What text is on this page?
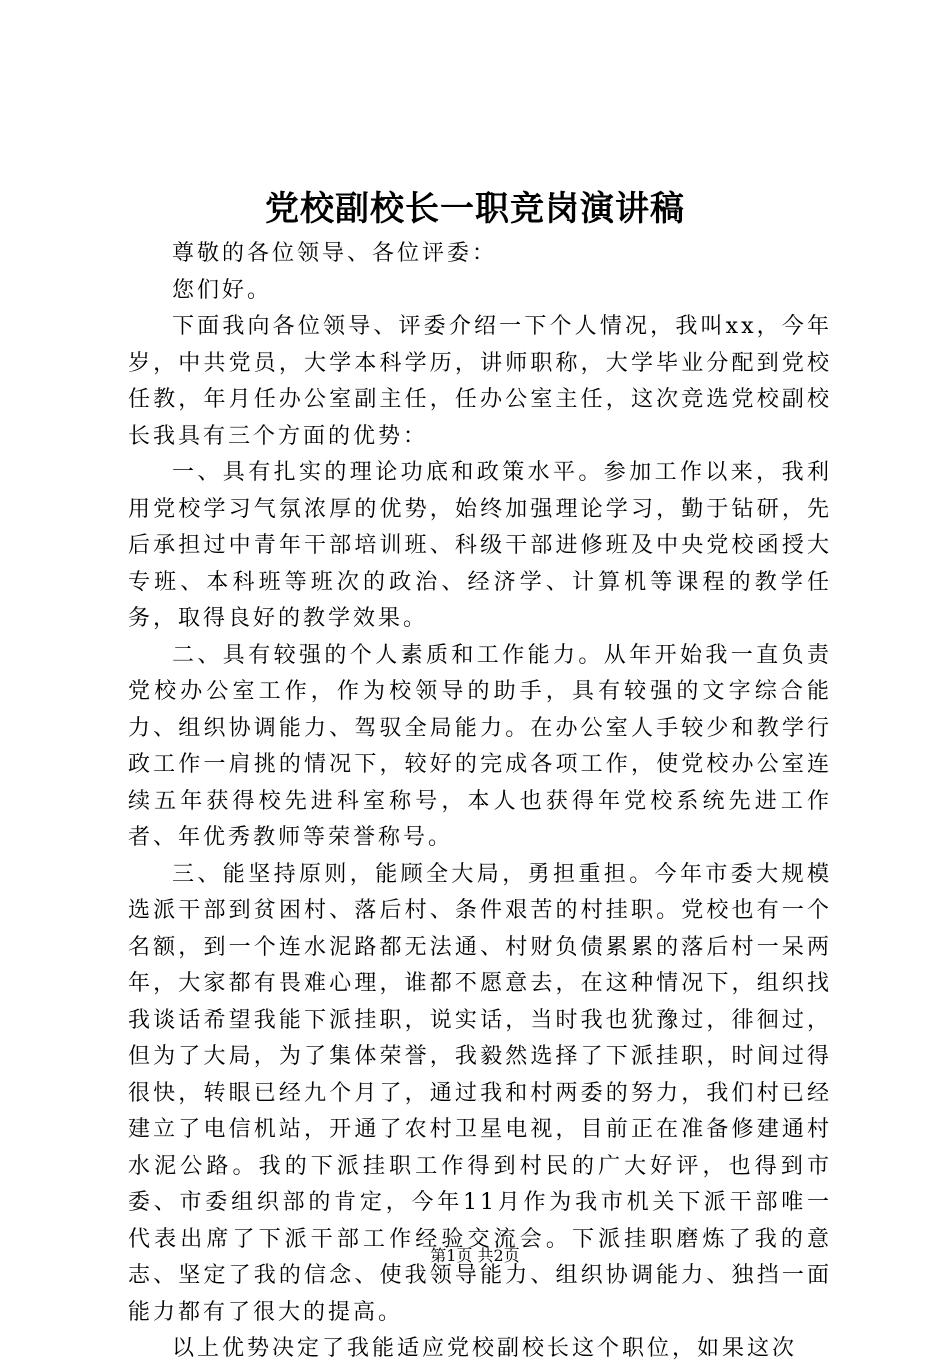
党校副校长一职竞岗演讲稿

尊敬的各位领导、各位评委：

您们好。

下面我向各位领导、评委介绍一下个人情况，我叫xx，今年岁，中共党员，大学本科学历，讲师职称，大学毕业分配到党校任教，年月任办公室副主任，任办公室主任，这次竞选党校副校长我具有三个方面的优势：

一、具有扎实的理论功底和政策水平。参加工作以来，我利用党校学习气氛浓厚的优势，始终加强理论学习，勤于钻研，先后承担过中青年干部培训班、科级干部进修班及中央党校函授大专班、本科班等班次的政治、经济学、计算机等课程的教学任务，取得良好的教学效果。

二、具有较强的个人素质和工作能力。从年开始我一直负责党校办公室工作，作为校领导的助手，具有较强的文字综合能力、组织协调能力、驾驭全局能力。在办公室人手较少和教学行政工作一肩挑的情况下，较好的完成各项工作，使党校办公室连续五年获得校先进科室称号，本人也获得年党校系统先进工作者、年优秀教师等荣誉称号。

三、能坚持原则，能顾全大局，勇担重担。今年市委大规模选派干部到贫困村、落后村、条件艰苦的村挂职。党校也有一个名额，到一个连水泥路都无法通、村财负债累累的落后村一呆两年，大家都有畏难心理，谁都不愿意去，在这种情况下，组织找我谈话希望我能下派挂职，说实话，当时我也犹豫过，徘徊过，但为了大局，为了集体荣誉，我毅然选择了下派挂职，时间过得很快，转眼已经九个月了，通过我和村两委的努力，我们村已经建立了电信机站，开通了农村卫星电视，目前正在准备修建通村水泥公路。我的下派挂职工作得到村民的广大好评，也得到市委、市委组织部的肯定，今年11月作为我市机关下派干部唯一代表出席了下派干部工作经验交流会。下派挂职磨炼了我的意志、坚定了我的信念、使我领导能力、组织协调能力、独挡一面能力都有了很大的提高。

以上优势决定了我能适应党校副校长这个职位，如果这次

第1页 共2页
